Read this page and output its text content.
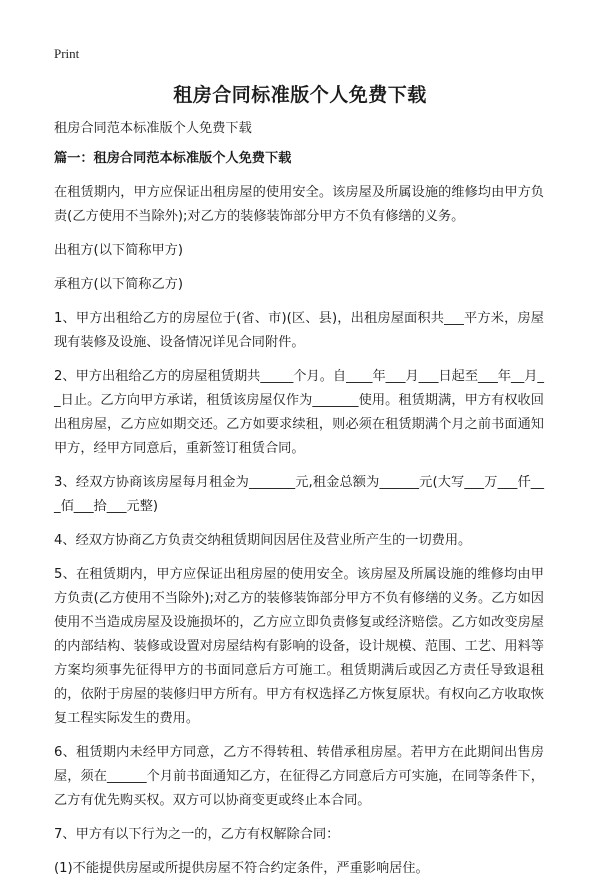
Print
租房合同标准版个人免费下载

租房合同范本标准版个人免费下载

篇一：租房合同范本标准版个人免费下载

在租赁期内，甲方应保证出租房屋的使用安全。该房屋及所属设施的维修均由甲方负责(乙方使用不当除外);对乙方的装修装饰部分甲方不负有修缮的义务。

出租方(以下简称甲方)

承租方(以下简称乙方)

1、甲方出租给乙方的房屋位于(省、市)(区、县)，出租房屋面积共___平方米，房屋现有装修及设施、设备情况详见合同附件。

2、甲方出租给乙方的房屋租赁期共_____个月。自____年___月___日起至___年__月__日止。乙方向甲方承诺，租赁该房屋仅作为_______使用。租赁期满，甲方有权收回出租房屋，乙方应如期交还。乙方如要求续租，则必须在租赁期满个月之前书面通知甲方，经甲方同意后，重新签订租赁合同。

3、经双方协商该房屋每月租金为_______元,租金总额为______元(大写___万___仟___佰___拾___元整)

4、经双方协商乙方负责交纳租赁期间因居住及营业所产生的一切费用。

5、在租赁期内，甲方应保证出租房屋的使用安全。该房屋及所属设施的维修均由甲方负责(乙方使用不当除外);对乙方的装修装饰部分甲方不负有修缮的义务。乙方如因使用不当造成房屋及设施损坏的，乙方应立即负责修复或经济赔偿。乙方如改变房屋的内部结构、装修或设置对房屋结构有影响的设备，设计规模、范围、工艺、用料等方案均须事先征得甲方的书面同意后方可施工。租赁期满后或因乙方责任导致退租的，依附于房屋的装修归甲方所有。甲方有权选择乙方恢复原状。有权向乙方收取恢复工程实际发生的费用。

6、租赁期内未经甲方同意，乙方不得转租、转借承租房屋。若甲方在此期间出售房屋，须在______个月前书面通知乙方，在征得乙方同意后方可实施，在同等条件下，乙方有优先购买权。双方可以协商变更或终止本合同。

7、甲方有以下行为之一的，乙方有权解除合同：

(1)不能提供房屋或所提供房屋不符合约定条件，严重影响居住。
